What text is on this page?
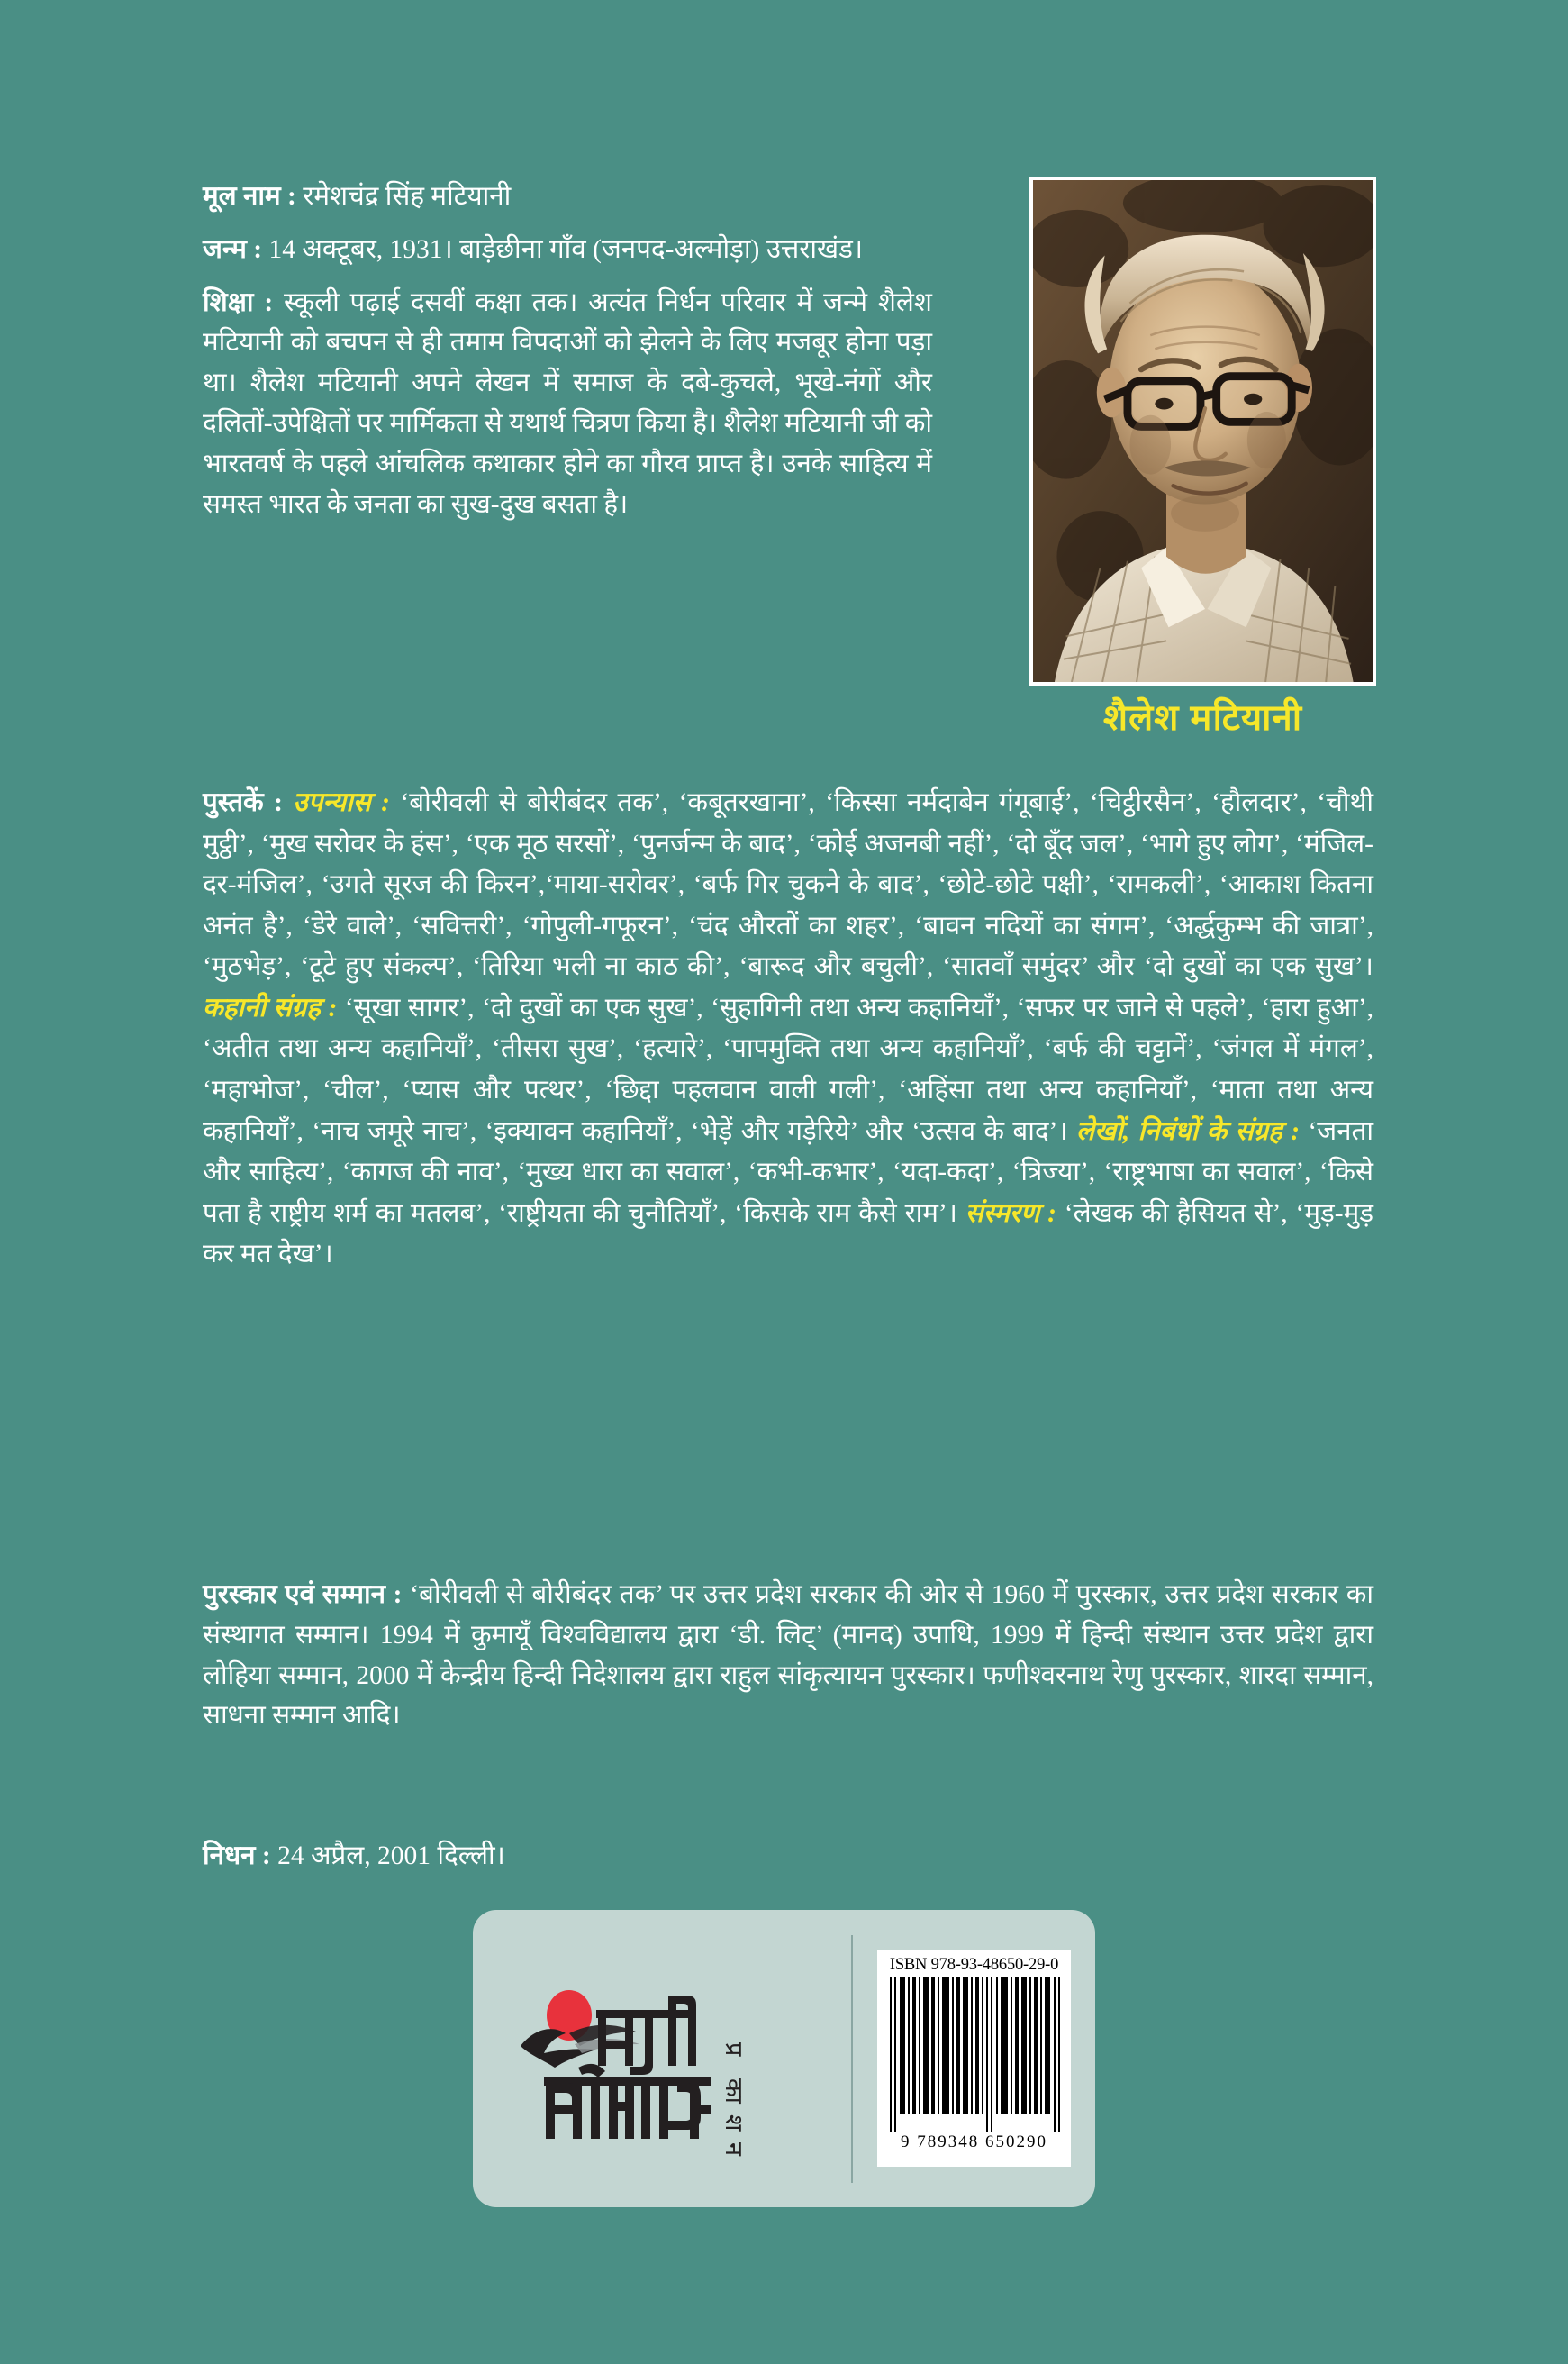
मूल नाम : रमेशचंद्र सिंह मटियानी

जन्म : 14 अक्टूबर, 1931। बाड़ेछीना गाँव (जनपद-अल्मोड़ा) उत्तराखंड।

शिक्षा : स्कूली पढ़ाई दसवीं कक्षा तक। अत्यंत निर्धन परिवार में जन्मे शैलेश मटियानी को बचपन से ही तमाम विपदाओं को झेलने के लिए मजबूर होना पड़ा था। शैलेश मटियानी अपने लेखन में समाज के दबे-कुचले, भूखे-नंगों और दलितों-उपेक्षितों पर मार्मिकता से यथार्थ चित्रण किया है। शैलेश मटियानी जी को भारतवर्ष के पहले आंचलिक कथाकार होने का गौरव प्राप्त है। उनके साहित्य में समस्त भारत के जनता का सुख-दुख बसता है।

शैलेश मटियानी

पुस्तकें : उपन्यास : ‘बोरीवली से बोरीबंदर तक’, ‘कबूतरखाना’, ‘किस्सा नर्मदाबेन गंगूबाई’, ‘चिट्ठीरसैन’, ‘हौलदार’, ‘चौथी मुट्ठी’, ‘मुख सरोवर के हंस’, ‘एक मूठ सरसों’, ‘पुनर्जन्म के बाद’, ‘कोई अजनबी नहीं’, ‘दो बूँद जल’, ‘भागे हुए लोग’, ‘मंजिल-दर-मंजिल’, ‘उगते सूरज की किरन’,‘माया-सरोवर’, ‘बर्फ गिर चुकने के बाद’, ‘छोटे-छोटे पक्षी’, ‘रामकली’, ‘आकाश कितना अनंत है’, ‘डेरे वाले’, ‘सवित्तरी’, ‘गोपुली-गफूरन’, ‘चंद औरतों का शहर’, ‘बावन नदियों का संगम’, ‘अर्द्धकुम्भ की जात्रा’, ‘मुठभेड़’, ‘टूटे हुए संकल्प’, ‘तिरिया भली ना काठ की’, ‘बारूद और बचुली’, ‘सातवाँ समुंदर’ और ‘दो दुखों का एक सुख’। कहानी संग्रह : ‘सूखा सागर’, ‘दो दुखों का एक सुख’, ‘सुहागिनी तथा अन्य कहानियाँ’, ‘सफर पर जाने से पहले’, ‘हारा हुआ’, ‘अतीत तथा अन्य कहानियाँ’, ‘तीसरा सुख’, ‘हत्यारे’, ‘पापमुक्ति तथा अन्य कहानियाँ’, ‘बर्फ की चट्टानें’, ‘जंगल में मंगल’, ‘महाभोज’, ‘चील’, ‘प्यास और पत्थर’, ‘छिद्दा पहलवान वाली गली’, ‘अहिंसा तथा अन्य कहानियाँ’, ‘माता तथा अन्य कहानियाँ’, ‘नाच जमूरे नाच’, ‘इक्यावन कहानियाँ’, ‘भेड़ें और गड़ेरिये’ और ‘उत्सव के बाद’। लेखों, निबंधों के संग्रह : ‘जनता और साहित्य’, ‘कागज की नाव’, ‘मुख्य धारा का सवाल’, ‘कभी-कभार’, ‘यदा-कदा’, ‘त्रिज्या’, ‘राष्ट्रभाषा का सवाल’, ‘किसे पता है राष्ट्रीय शर्म का मतलब’, ‘राष्ट्रीयता की चुनौतियाँ’, ‘किसके राम कैसे राम’। संस्मरण : ‘लेखक की हैसियत से’, ‘मुड़-मुड़ कर मत देख’।

पुरस्कार एवं सम्मान : ‘बोरीवली से बोरीबंदर तक’ पर उत्तर प्रदेश सरकार की ओर से 1960 में पुरस्कार, उत्तर प्रदेश सरकार का संस्थागत सम्मान। 1994 में कुमायूँ विश्वविद्यालय द्वारा ‘डी. लिट्’ (मानद) उपाधि, 1999 में हिन्दी संस्थान उत्तर प्रदेश द्वारा लोहिया सम्मान, 2000 में केन्द्रीय हिन्दी निदेशालय द्वारा राहुल सांकृत्यायन पुरस्कार। फणीश्वरनाथ रेणु पुरस्कार, शारदा सम्मान, साधना सम्मान आदि।

निधन : 24 अप्रैल, 2001 दिल्ली।

प्र
का
श
न
ISBN 978-93-48650-29-0
9 789348 650290
